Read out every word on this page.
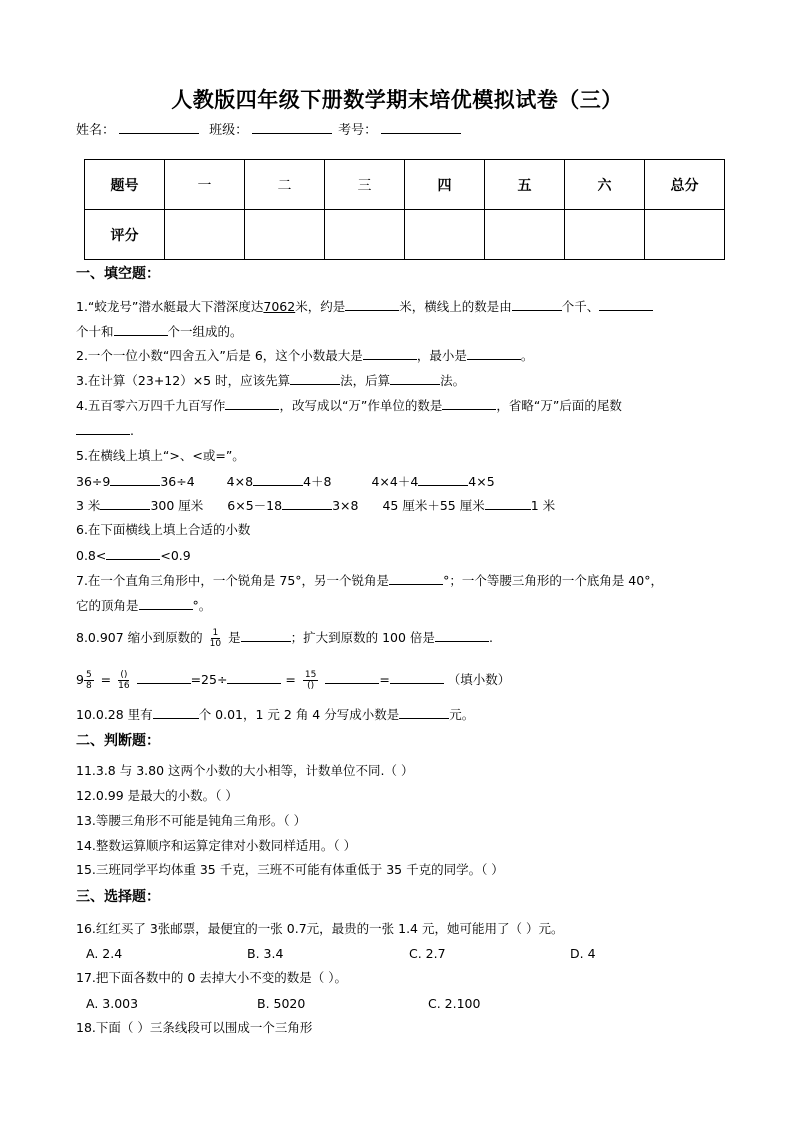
人教版四年级下册数学期末培优模拟试卷（三）
姓名：	班级：	考号：
题号	一	二	三	四	五	六	总分
评分							
一、填空题：
1.“蛟龙号”潜水艇最大下潜深度达7062米，约是	米，横线上的数是由	个千、
个十和	个一组成的。
2.一个一位小数“四舍五入”后是 6，这个小数最大是	，最小是	。
3.在计算（23+12）×5 时，应该先算	法，后算	法。
4.五百零六万四千九百写作	，改写成以“万”作单位的数是	，省略“万”后面的尾数
.
5.在横线上填上“>、<或=”。
36÷9	36÷4	4×8	4＋8	4×4＋4	4×5
3 米	300 厘米 6×5－18	3×8 45 厘米＋55 厘米	1 米
6.在下面横线上填上合适的小数
0.8<	<0.9
7.在一个直角三角形中，一个锐角是 75°，另一个锐角是	°；一个等腰三角形的一个底角是 40°，
它的顶角是	°。
8.0.907 缩小到原数的 $\frac{1}{10}$ 是	；扩大到原数的 100 倍是	.
$9 \frac{5}{8} = \frac{()}{16}$	=25÷	= $\frac{15}{()}$	=	（填小数）
10.0.28 里有	个 0.01，1 元 2 角 4 分写成小数是	元。
二、判断题：
11.3.8 与 3.80 这两个小数的大小相等，计数单位不同.（ ）
12.0.99 是最大的小数。（ ）
13.等腰三角形不可能是钝角三角形。（ ）
14.整数运算顺序和运算定律对小数同样适用。（ ）
15.三班同学平均体重 35 千克，三班不可能有体重低于 35 千克的同学。（ ）
三、选择题：
16.红红买了 3张邮票，最便宜的一张 0.7元，最贵的一张 1.4 元，她可能用了（ ）元。
A. 2.4	B. 3.4	C. 2.7	D. 4
17.把下面各数中的 0 去掉大小不变的数是（ ）。
A. 3.003	B. 5020	C. 2.100
18.下面（ ）三条线段可以围成一个三角形
